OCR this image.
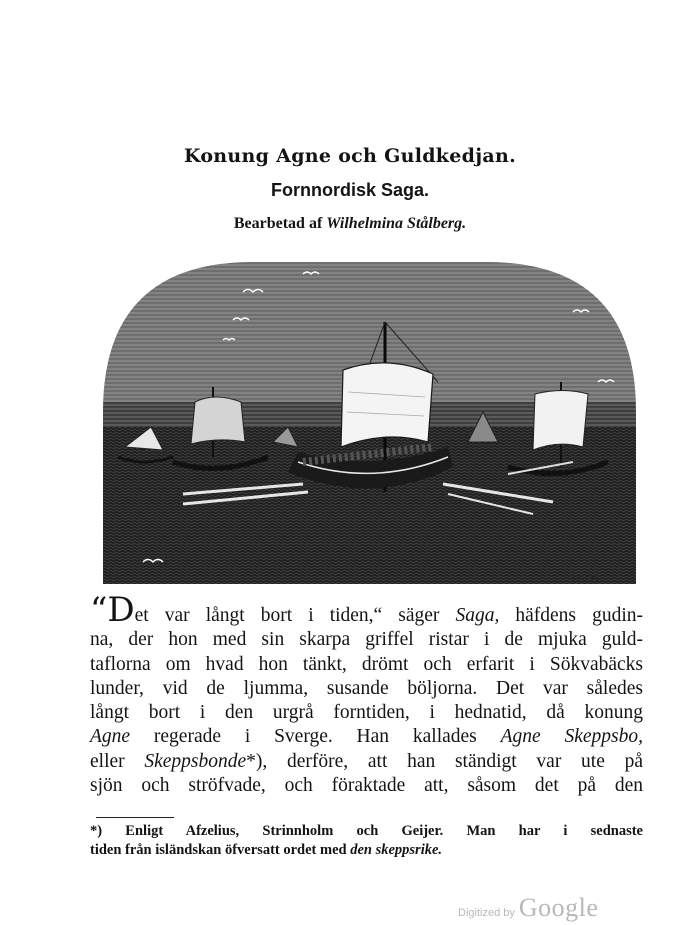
Konung Agne och Guldkedjan.
Fornnordisk Saga.
Bearbetad af Wilhelmina Stålberg.
S.H.	LR.T. SC.
“Det var långt bort i tiden,“ säger Saga, häfdens gudin-
na, der hon med sin skarpa griffel ristar i de mjuka guld-
taflorna om hvad hon tänkt, drömt och erfarit i Sökvabäcks
lunder, vid de ljumma, susande böljorna. Det var således
långt bort i den urgrå forntiden, i hednatid, då konung
Agne regerade i Sverge. Han kallades Agne Skeppsbo,
eller Skeppsbonde*), derföre, att han ständigt var ute på
sjön och ströfvade, och föraktade att, såsom det på den
*) Enligt Afzelius, Strinnholm och Geijer. Man har i sednaste
tiden från isländskan öfversatt ordet med den skeppsrike.
Digitized by Google
